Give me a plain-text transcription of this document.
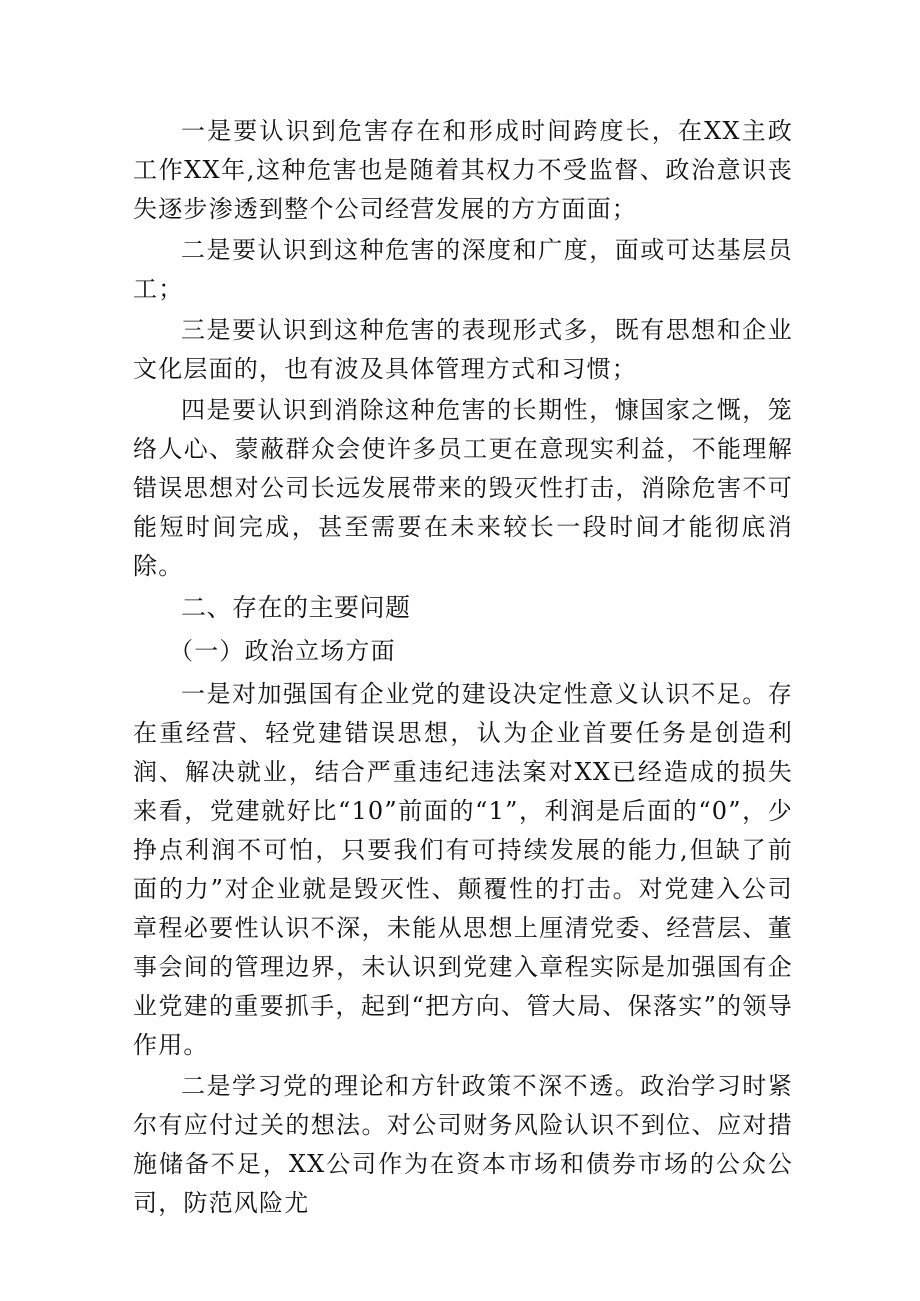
一是要认识到危害存在和形成时间跨度长，在XX主政工作XX年,这种危害也是随着其权力不受监督、政治意识丧失逐步渗透到整个公司经营发展的方方面面；

二是要认识到这种危害的深度和广度，面或可达基层员工；

三是要认识到这种危害的表现形式多，既有思想和企业文化层面的，也有波及具体管理方式和习惯；

四是要认识到消除这种危害的长期性，慷国家之慨，笼络人心、蒙蔽群众会使许多员工更在意现实利益，不能理解错误思想对公司长远发展带来的毁灭性打击，消除危害不可能短时间完成，甚至需要在未来较长一段时间才能彻底消除。

二、存在的主要问题

（一）政治立场方面

一是对加强国有企业党的建设决定性意义认识不足。存在重经营、轻党建错误思想，认为企业首要任务是创造利润、解决就业，结合严重违纪违法案对XX已经造成的损失来看，党建就好比“10”前面的“1”，利润是后面的“0”，少挣点利润不可怕，只要我们有可持续发展的能力,但缺了前面的力”对企业就是毁灭性、颠覆性的打击。对党建入公司章程必要性认识不深，未能从思想上厘清党委、经营层、董事会间的管理边界，未认识到党建入章程实际是加强国有企业党建的重要抓手，起到“把方向、管大局、保落实”的领导作用。

二是学习党的理论和方针政策不深不透。政治学习时紧尔有应付过关的想法。对公司财务风险认识不到位、应对措施储备不足，XX公司作为在资本市场和债券市场的公众公司，防范风险尤
